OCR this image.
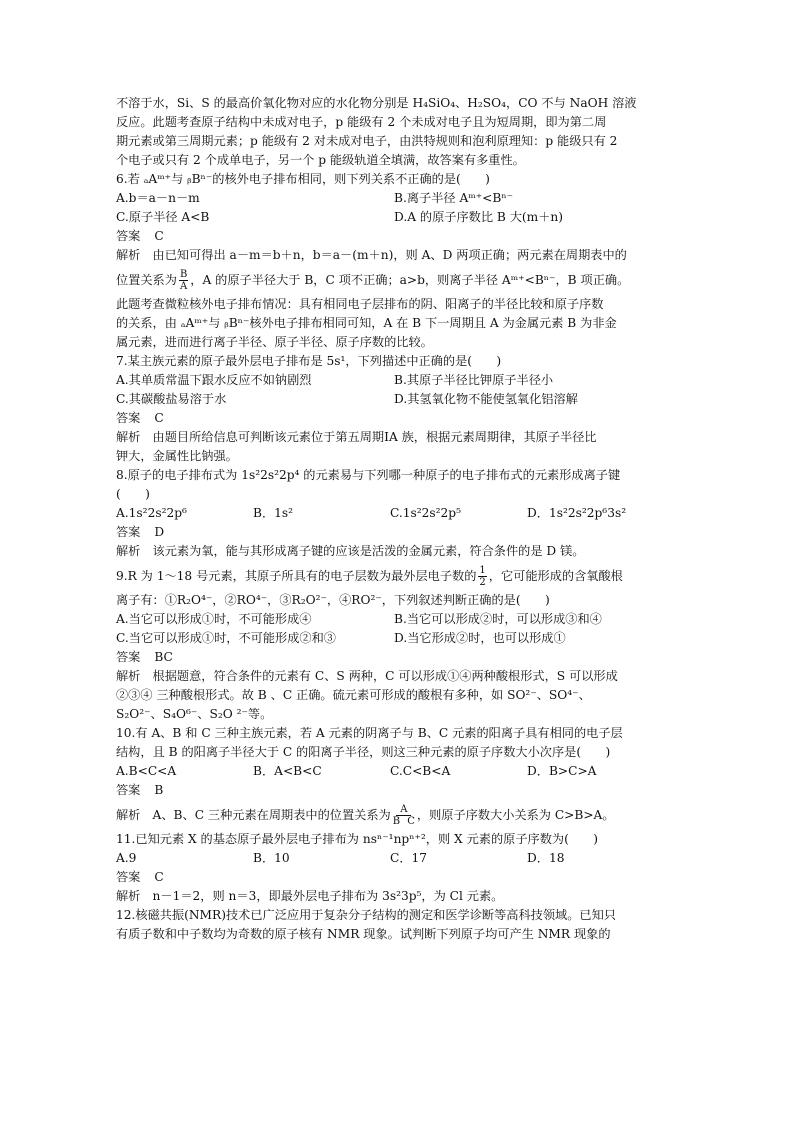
不溶于水，Si、S 的最高价氧化物对应的水化物分别是 H₄SiO₄、H₂SO₄，CO 不与 NaOH 溶液
反应。此题考查原子结构中未成对电子，p 能级有 2 个未成对电子且为短周期，即为第二周
期元素或第三周期元素；p 能级有 2 对未成对电子，由洪特规则和泡利原理知：p 能级只有 2
个电子或只有 2 个成单电子，另一个 p 能级轨道全填满，故答案有多重性。
6.若 ₐAᵐ⁺与 ᵦBⁿ⁻的核外电子排布相同，则下列关系不正确的是(　　)
A.b＝a－n－m	B.离子半径 Aᵐ⁺<Bⁿ⁻
C.原子半径 A<B	D.A 的原子序数比 B 大(m＋n)
答案 C
解析　由已知可得出 a－m＝b＋n，b＝a－(m＋n)，则 A、D 两项正确；两元素在周期表中的
位置关系为 $\frac{B}{A}$ ，A 的原子半径大于 B，C 项不正确；a>b，则离子半径 Aᵐ⁺<Bⁿ⁻，B 项正确。
此题考查微粒核外电子排布情况：具有相同电子层排布的阴、阳离子的半径比较和原子序数
的关系，由 ₐAᵐ⁺与 ᵦBⁿ⁻核外电子排布相同可知，A 在 B 下一周期且 A 为金属元素 B 为非金
属元素，进而进行离子半径、原子半径、原子序数的比较。
7.某主族元素的原子最外层电子排布是 5s¹，下列描述中正确的是(　　)
A.其单质常温下跟水反应不如钠剧烈	B.其原子半径比钾原子半径小
C.其碳酸盐易溶于水	D.其氢氧化物不能使氢氧化铝溶解
答案 C
解析　由题目所给信息可判断该元素位于第五周期ⅠA 族，根据元素周期律，其原子半径比
钾大，金属性比钠强。
8.原子的电子排布式为 1s²2s²2p⁴ 的元素易与下列哪一种原子的电子排布式的元素形成离子键
(　　)
A.1s²2s²2p⁶	B．1s²	C.1s²2s²2p⁵	D．1s²2s²2p⁶3s²
答案 D
解析　该元素为氧，能与其形成离子键的应该是活泼的金属元素，符合条件的是 D 镁。
9.R 为 1～18 号元素，其原子所具有的电子层数为最外层电子数的 $\frac{1}{2}$ ，它可能形成的含氧酸根
离子有：①R₂O⁴⁻，②RO⁴⁻，③R₂O²⁻，④RO²⁻，下列叙述判断正确的是(　　)
A.当它可以形成①时，不可能形成④	B.当它可以形成②时，可以形成③和④
C.当它可以形成①时，不可能形成②和③	D.当它形成②时，也可以形成①
答案 BC
解析　根据题意，符合条件的元素有 C、S 两种，C 可以形成①④两种酸根形式，S 可以形成
②③④ 三种酸根形式。故 B 、C 正确。硫元素可形成的酸根有多种，如 SO²⁻、SO⁴⁻、
S₂O²⁻、S₄O⁶⁻、S₂O ²⁻等。
10.有 A、B 和 C 三种主族元素，若 A 元素的阴离子与 B、C 元素的阳离子具有相同的电子层
结构，且 B 的阳离子半径大于 C 的阳离子半径，则这三种元素的原子序数大小次序是(　　)
A.B<C<A	B．A<B<C	C.C<B<A	D．B>C>A
答案 B
解析　A、B、C 三种元素在周期表中的位置关系为 A
B C ，则原子序数大小关系为 C>B>A。
11.已知元素 X 的基态原子最外层电子排布为 nsⁿ⁻¹npⁿ⁺²，则 X 元素的原子序数为(　　)
A.9	B．10	C．17	D．18
答案 C
解析　n－1＝2，则 n＝3，即最外层电子排布为 3s²3p⁵，为 Cl 元素。
12.核磁共振(NMR)技术已广泛应用于复杂分子结构的测定和医学诊断等高科技领域。已知只
有质子数和中子数均为奇数的原子核有 NMR 现象。试判断下列原子均可产生 NMR 现象的
